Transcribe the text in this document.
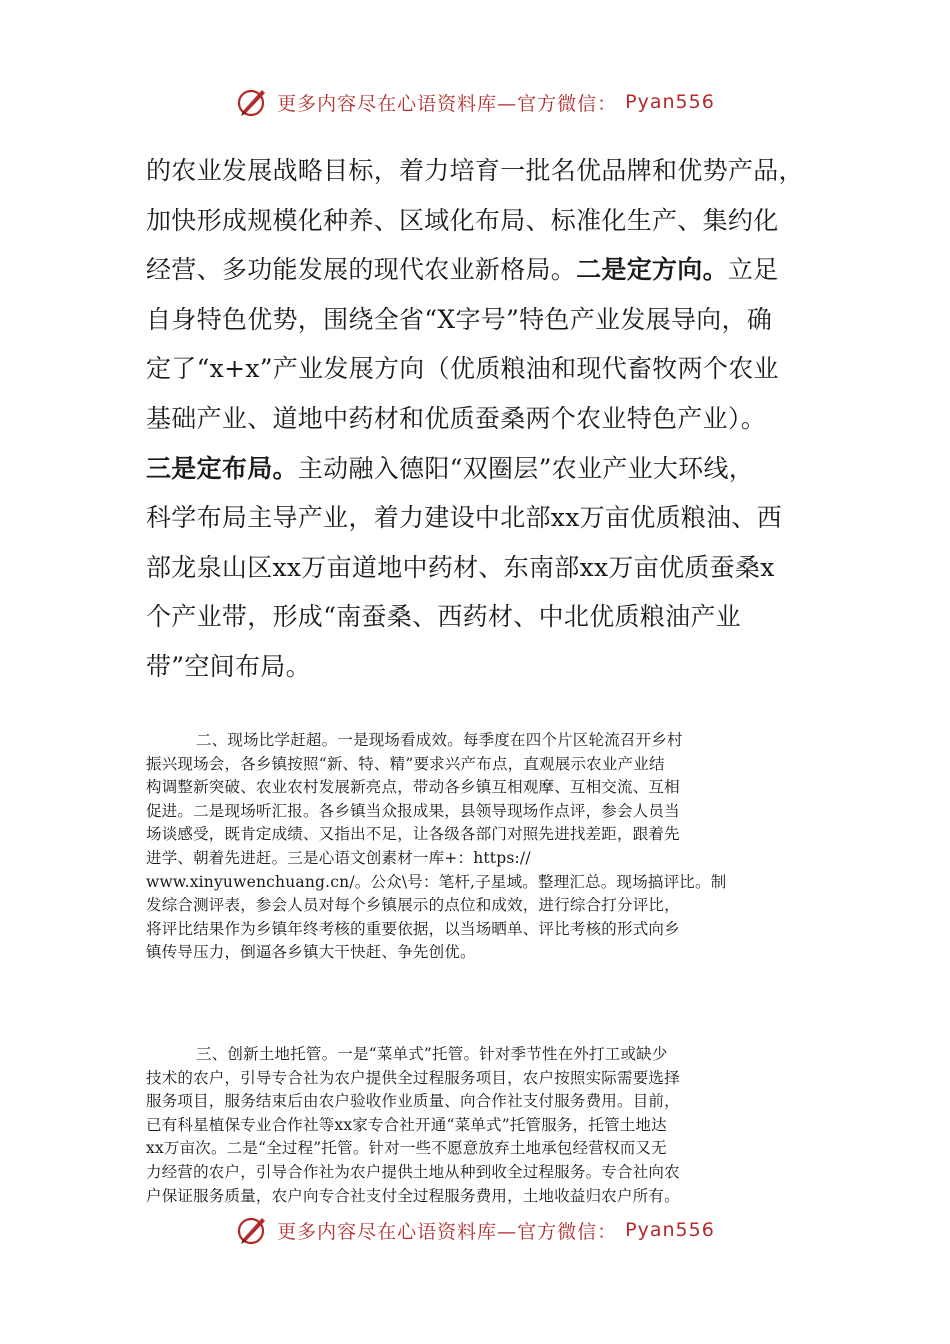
更多内容尽在心语资料库—官方微信： Pyan556
的农业发展战略目标，着力培育一批名优品牌和优势产品，
加快形成规模化种养、区域化布局、标准化生产、集约化
经营、多功能发展的现代农业新格局。二是定方向。立足
自身特色优势，围绕全省“X字号”特色产业发展导向，确
定了“x+x”产业发展方向（优质粮油和现代畜牧两个农业
基础产业、道地中药材和优质蚕桑两个农业特色产业）。
三是定布局。主动融入德阳“双圈层”农业产业大环线，
科学布局主导产业，着力建设中北部xx万亩优质粮油、西
部龙泉山区xx万亩道地中药材、东南部xx万亩优质蚕桑x
个产业带，形成“南蚕桑、西药材、中北优质粮油产业
带”空间布局。
二、现场比学赶超。一是现场看成效。每季度在四个片区轮流召开乡村
振兴现场会，各乡镇按照“新、特、精”要求兴产布点，直观展示农业产业结
构调整新突破、农业农村发展新亮点，带动各乡镇互相观摩、互相交流、互相
促进。二是现场听汇报。各乡镇当众报成果，县领导现场作点评，参会人员当
场谈感受，既肯定成绩、又指出不足，让各级各部门对照先进找差距，跟着先
进学、朝着先进赶。三是心语文创素材一库+：https://
www.xinyuwenchuang.cn/。公众\号：笔杆,子星域。整理汇总。现场搞评比。制
发综合测评表，参会人员对每个乡镇展示的点位和成效，进行综合打分评比，
将评比结果作为乡镇年终考核的重要依据，以当场晒单、评比考核的形式向乡
镇传导压力，倒逼各乡镇大干快赶、争先创优。
三、创新土地托管。一是“菜单式”托管。针对季节性在外打工或缺少
技术的农户，引导专合社为农户提供全过程服务项目，农户按照实际需要选择
服务项目，服务结束后由农户验收作业质量、向合作社支付服务费用。目前，
已有科星植保专业合作社等xx家专合社开通“菜单式”托管服务，托管土地达
xx万亩次。二是“全过程”托管。针对一些不愿意放弃土地承包经营权而又无
力经营的农户，引导合作社为农户提供土地从种到收全过程服务。专合社向农
户保证服务质量，农户向专合社支付全过程服务费用，土地收益归农户所有。
更多内容尽在心语资料库—官方微信： Pyan556
